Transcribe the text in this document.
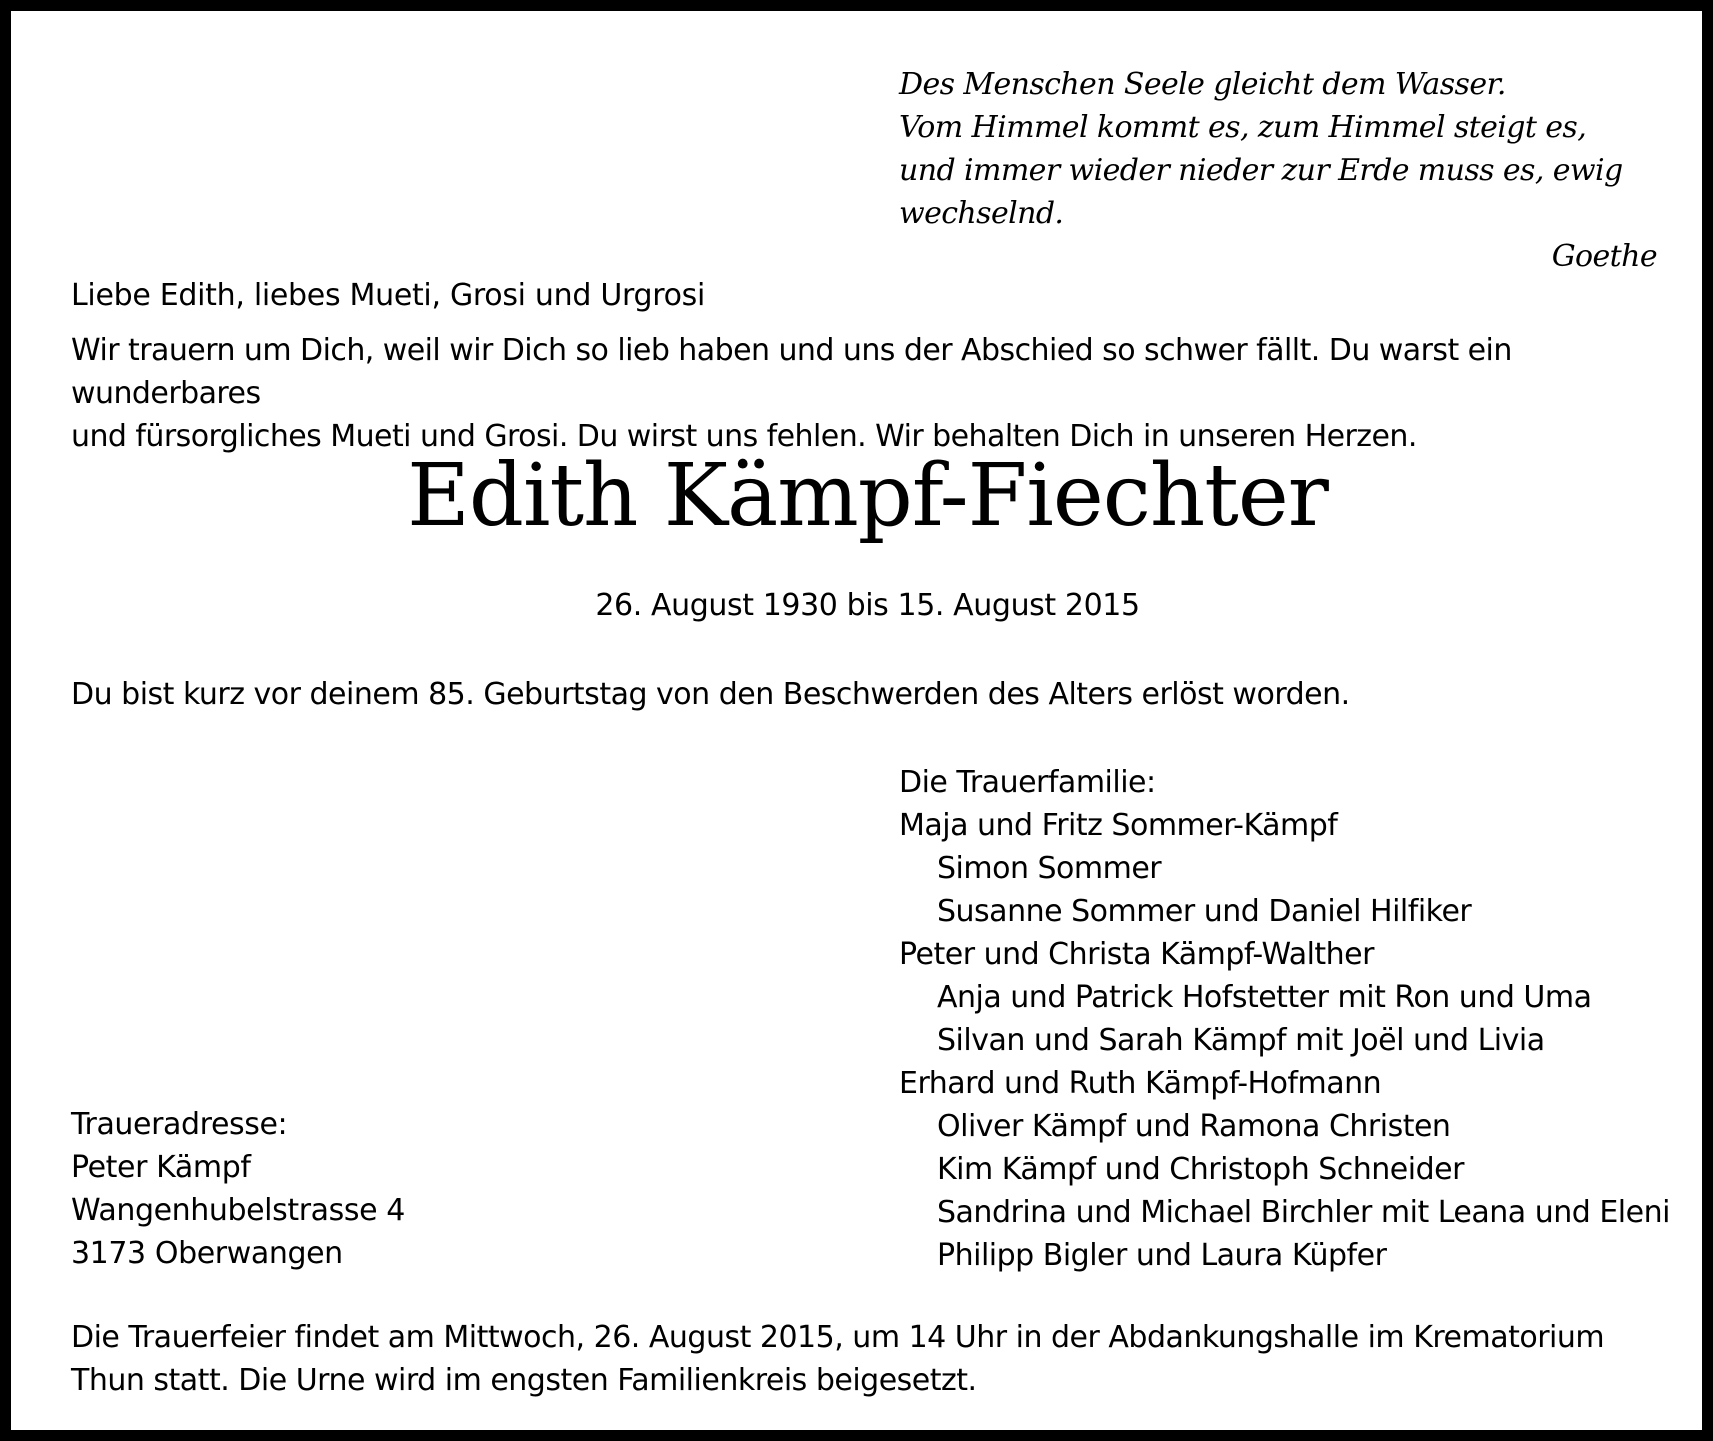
Des Menschen Seele gleicht dem Wasser.
Vom Himmel kommt es, zum Himmel steigt es,
und immer wieder nieder zur Erde muss es, ewig wechselnd.
Goethe
Liebe Edith, liebes Mueti, Grosi und Urgrosi
Wir trauern um Dich, weil wir Dich so lieb haben und uns der Abschied so schwer fällt. Du warst ein wunderbares
und fürsorgliches Mueti und Grosi. Du wirst uns fehlen. Wir behalten Dich in unseren Herzen.
Edith Kämpf-Fiechter
26. August 1930 bis 15. August 2015
Du bist kurz vor deinem 85. Geburtstag von den Beschwerden des Alters erlöst worden.
Die Trauerfamilie:
Maja und Fritz Sommer-Kämpf
Simon Sommer
Susanne Sommer und Daniel Hilfiker
Peter und Christa Kämpf-Walther
Anja und Patrick Hofstetter mit Ron und Uma
Silvan und Sarah Kämpf mit Joël und Livia
Erhard und Ruth Kämpf-Hofmann
Oliver Kämpf und Ramona Christen
Kim Kämpf und Christoph Schneider
Sandrina und Michael Birchler mit Leana und Eleni
Philipp Bigler und Laura Küpfer
Traueradresse:
Peter Kämpf
Wangenhubelstrasse 4
3173 Oberwangen
Die Trauerfeier findet am Mittwoch, 26. August 2015, um 14 Uhr in der Abdankungshalle im Krematorium
Thun statt. Die Urne wird im engsten Familienkreis beigesetzt.
